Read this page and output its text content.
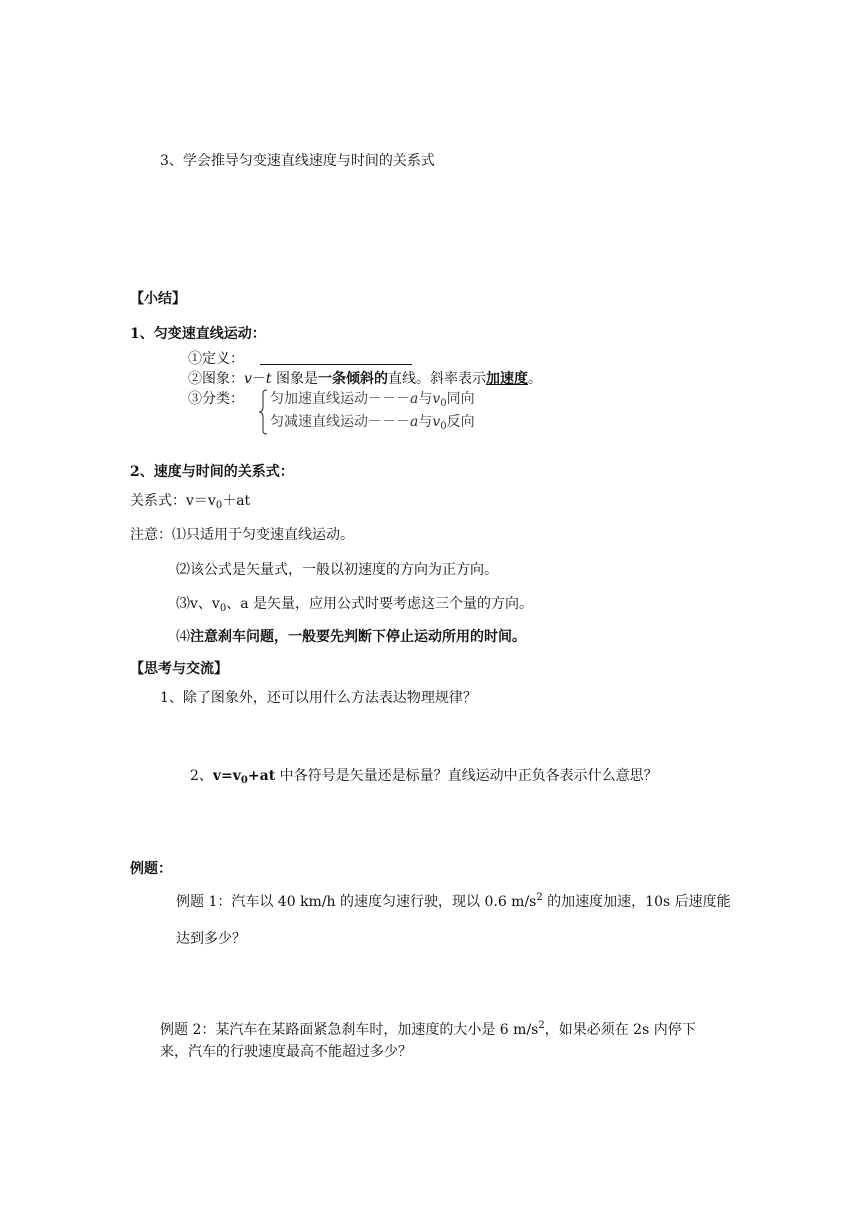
3、学会推导匀变速直线速度与时间的关系式
【小结】
1、匀变速直线运动：
①定义：
②图象：v－t 图象是一条倾斜的直线。斜率表示加速度。
③分类： 匀加速直线运动－－－a与$v_0$同向
匀减速直线运动－－－a与$v_0$反向
2、速度与时间的关系式：
关系式：$v=v_0+at$
注意：⑴只适用于匀变速直线运动。
⑵该公式是矢量式，一般以初速度的方向为正方向。
⑶v、$v_0$、a 是矢量，应用公式时要考虑这三个量的方向。
⑷注意刹车问题，一般要先判断下停止运动所用的时间。
【思考与交流】
1、除了图象外，还可以用什么方法表达物理规律？
2、$v=v_0+at$ 中各符号是矢量还是标量？直线运动中正负各表示什么意思？
例题：
例题 1：汽车以 40 km/h 的速度匀速行驶，现以 0.6 $m/s^2$ 的加速度加速，10s 后速度能
达到多少？
例题 2：某汽车在某路面紧急刹车时，加速度的大小是 6 $m/s^2$，如果必须在 2s 内停下
来，汽车的行驶速度最高不能超过多少？
